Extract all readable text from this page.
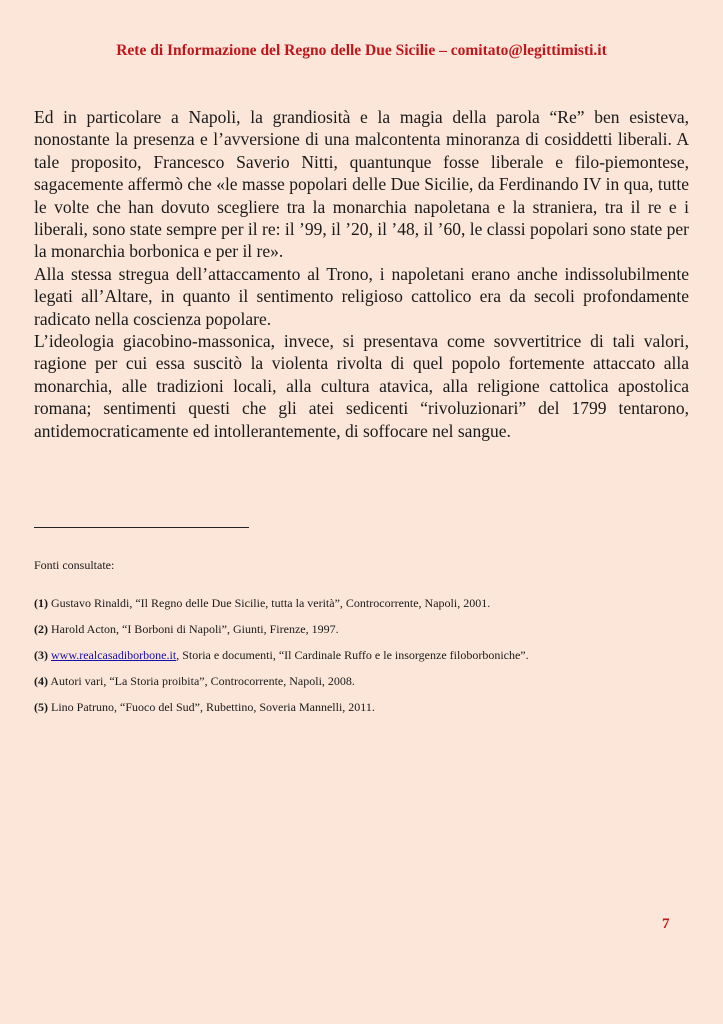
Rete di Informazione del Regno delle Due Sicilie – comitato@legittimisti.it

Ed in particolare a Napoli, la grandiosità e la magia della parola “Re” ben esisteva, nonostante la presenza e l’avversione di una malcontenta minoranza di cosiddetti liberali. A tale proposito, Francesco Saverio Nitti, quantunque fosse liberale e filo-piemontese, sagacemente affermò che «le masse popolari delle Due Sicilie, da Ferdinando IV in qua, tutte le volte che han dovuto scegliere tra la monarchia napoletana e la straniera, tra il re e i liberali, sono state sempre per il re: il ’99, il ’20, il ’48, il ’60, le classi popolari sono state per la monarchia borbonica e per il re».

Alla stessa stregua dell’attaccamento al Trono, i napoletani erano anche indissolubilmente legati all’Altare, in quanto il sentimento religioso cattolico era da secoli profondamente radicato nella coscienza popolare.

L’ideologia giacobino-massonica, invece, si presentava come sovvertitrice di tali valori, ragione per cui essa suscitò la violenta rivolta di quel popolo fortemente attaccato alla monarchia, alle tradizioni locali, alla cultura atavica, alla religione cattolica apostolica romana; sentimenti questi che gli atei sedicenti “rivoluzionari” del 1799 tentarono, antidemocraticamente ed intollerantemente, di soffocare nel sangue.

Fonti consultate:
(1) Gustavo Rinaldi, “Il Regno delle Due Sicilie, tutta la verità”, Controcorrente, Napoli, 2001.
(2) Harold Acton, “I Borboni di Napoli”, Giunti, Firenze, 1997.
(3) www.realcasadiborbone.it, Storia e documenti, “Il Cardinale Ruffo e le insorgenze filoborboniche”.
(4) Autori vari, “La Storia proibita”, Controcorrente, Napoli, 2008.
(5) Lino Patruno, “Fuoco del Sud”, Rubettino, Soveria Mannelli, 2011.
7
